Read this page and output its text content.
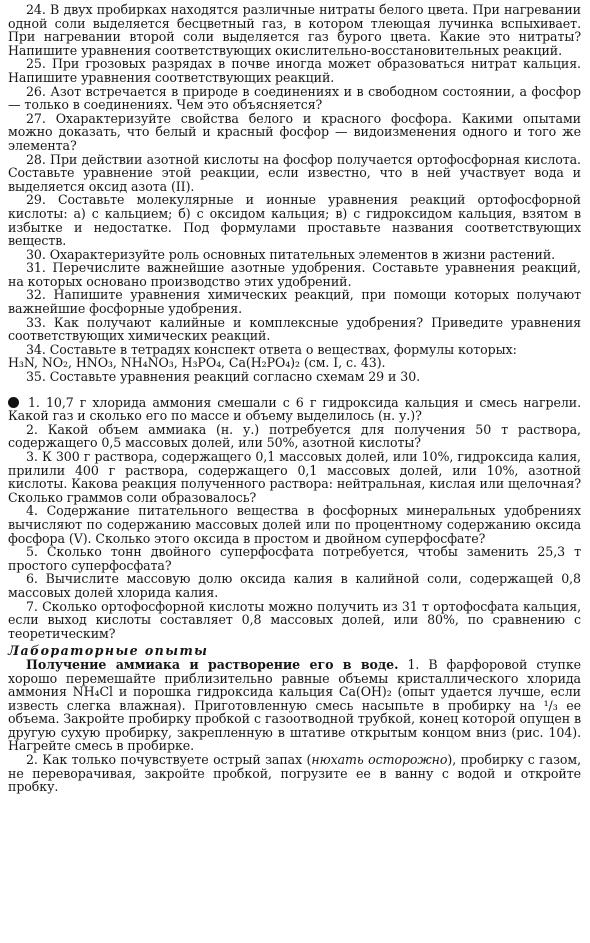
24. В двух пробирках находятся различные нитраты белого цвета. При нагревании одной соли выделяется бесцветный газ, в котором тлеющая лучинка вспыхивает. При нагревании второй соли выделяется газ бурого цвета. Какие это нитраты? Напишите уравнения соответствующих окислительно-восстановительных реакций.

25. При грозовых разрядах в почве иногда может образоваться нитрат кальция. Напишите уравнения соответствующих реакций.

26. Азот встречается в природе в соединениях и в свободном состоянии, а фосфор — только в соединениях. Чем это объясняется?

27. Охарактеризуйте свойства белого и красного фосфора. Какими опытами можно доказать, что белый и красный фосфор — видоизменения одного и того же элемента?

28. При действии азотной кислоты на фосфор получается ортофосфорная кислота. Составьте уравнение этой реакции, если известно, что в ней участвует вода и выделяется оксид азота (II).

29. Составьте молекулярные и ионные уравнения реакций ортофосфорной кислоты: а) с кальцием; б) с оксидом кальция; в) с гидроксидом кальция, взятом в избытке и недостатке. Под формулами проставьте названия соответствующих веществ.

30. Охарактеризуйте роль основных питательных элементов в жизни растений.

31. Перечислите важнейшие азотные удобрения. Составьте уравнения реакций, на которых основано производство этих удобрений.

32. Напишите уравнения химических реакций, при помощи которых получают важнейшие фосфорные удобрения.

33. Как получают калийные и комплексные удобрения? Приведите уравнения соответствующих химических реакций.

34. Составьте в тетрадях конспект ответа о веществах, формулы которых:

H₃N, NO₂, HNO₃, NH₄NO₃, H₃PO₄, Ca(H₂PO₄)₂ (см. I, с. 43).

35. Составьте уравнения реакций согласно схемам 29 и 30.

1. 10,7 г хлорида аммония смешали с 6 г гидроксида кальция и смесь нагрели. Какой газ и сколько его по массе и объему выделилось (н. у.)?

2. Какой объем аммиака (н. у.) потребуется для получения 50 т раствора, содержащего 0,5 массовых долей, или 50%, азотной кислоты?

3. К 300 г раствора, содержащего 0,1 массовых долей, или 10%, гидроксида калия, прилили 400 г раствора, содержащего 0,1 массовых долей, или 10%, азотной кислоты. Какова реакция полученного раствора: нейтральная, кислая или щелочная? Сколько граммов соли образовалось?

4. Содержание питательного вещества в фосфорных минеральных удобрениях вычисляют по содержанию массовых долей или по процентному содержанию оксида фосфора (V). Сколько этого оксида в простом и двойном суперфосфате?

5. Сколько тонн двойного суперфосфата потребуется, чтобы заменить 25,3 т простого суперфосфата?

6. Вычислите массовую долю оксида калия в калийной соли, содержащей 0,8 массовых долей хлорида калия.

7. Сколько ортофосфорной кислоты можно получить из 31 т ортофосфата кальция, если выход кислоты составляет 0,8 массовых долей, или 80%, по сравнению с теоретическим?

Лабораторные опыты

Получение аммиака и растворение его в воде. 1. В фарфоровой ступке хорошо перемешайте приблизительно равные объемы кристаллического хлорида аммония NH₄Cl и порошка гидроксида кальция Ca(OH)₂ (опыт удается лучше, если известь слегка влажная). Приготовленную смесь насыпьте в пробирку на ¹/₃ ее объема. Закройте пробирку пробкой с газоотводной трубкой, конец которой опущен в другую сухую пробирку, закрепленную в штативе открытым концом вниз (рис. 104). Нагрейте смесь в пробирке.

2. Как только почувствуете острый запах (нюхать осторожно), пробирку с газом, не переворачивая, закройте пробкой, погрузите ее в ванну с водой и откройте пробку.
